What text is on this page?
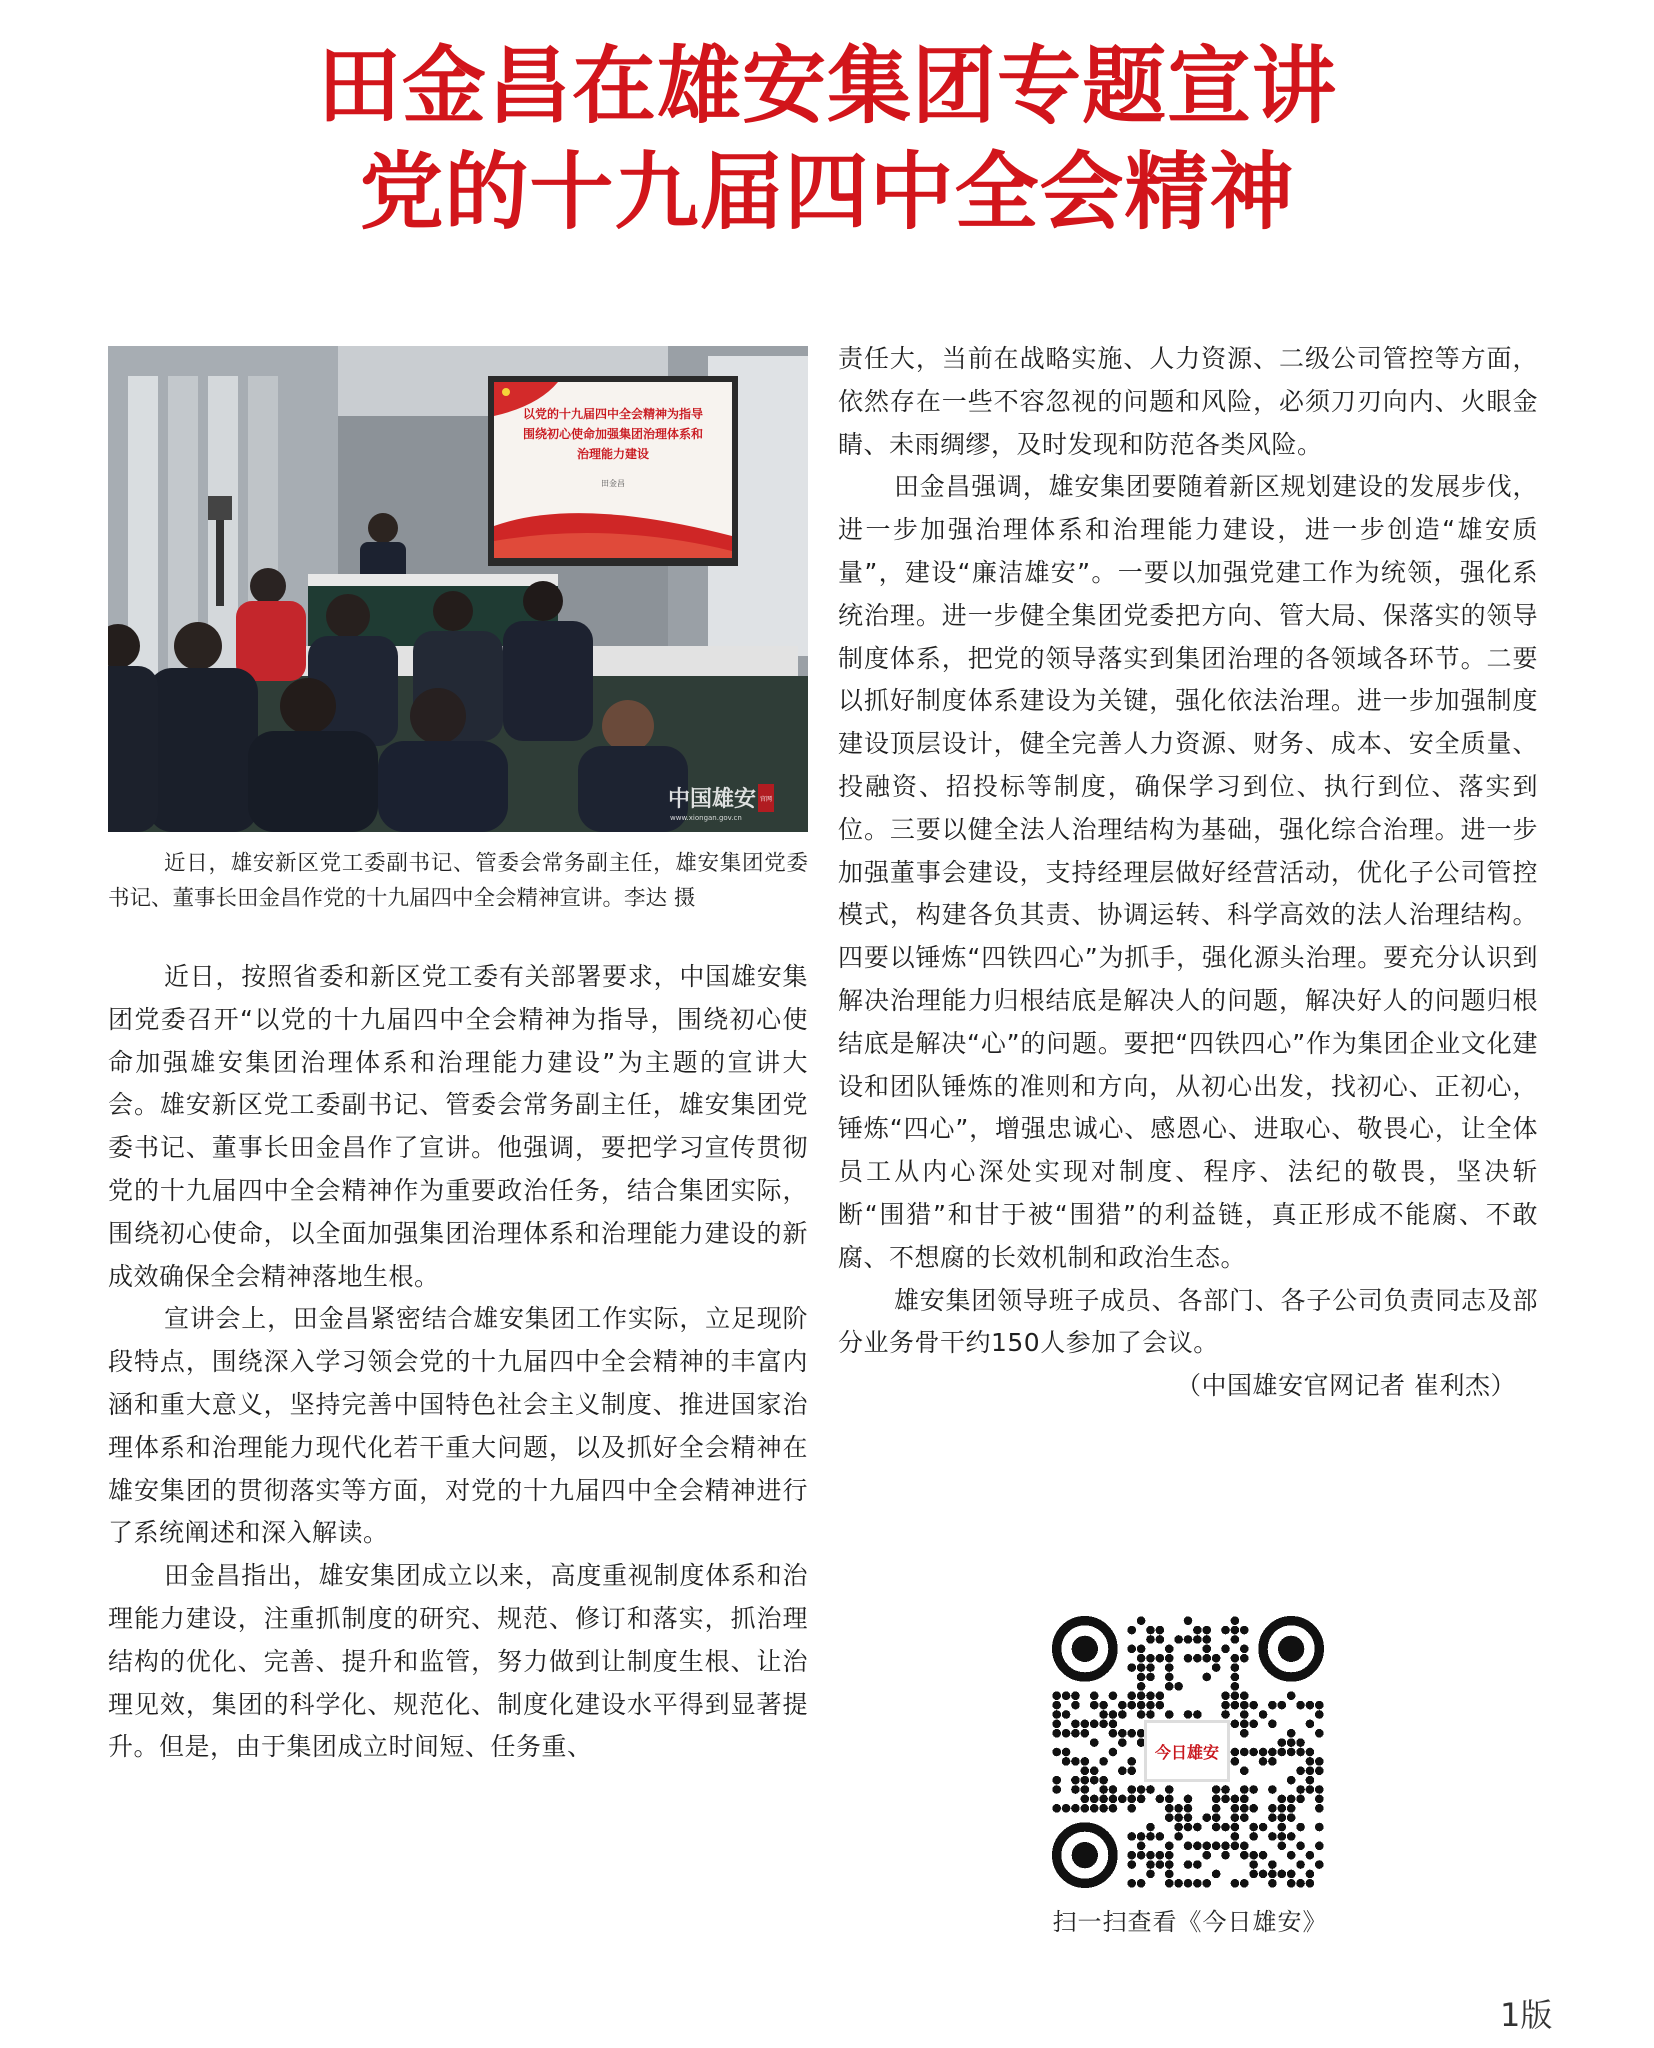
田金昌在雄安集团专题宣讲
党的十九届四中全会精神
以党的十九届四中全会精神为指导
围绕初心使命加强集团治理体系和
治理能力建设
田金昌
中国雄安 官网
www.xiongan.gov.cn
近日，雄安新区党工委副书记、管委会常务副主任，雄安集团党委书记、董事长田金昌作党的十九届四中全会精神宣讲。李达 摄

近日，按照省委和新区党工委有关部署要求，中国雄安集团党委召开“以党的十九届四中全会精神为指导，围绕初心使命加强雄安集团治理体系和治理能力建设”为主题的宣讲大会。雄安新区党工委副书记、管委会常务副主任，雄安集团党委书记、董事长田金昌作了宣讲。他强调，要把学习宣传贯彻党的十九届四中全会精神作为重要政治任务，结合集团实际，围绕初心使命，以全面加强集团治理体系和治理能力建设的新成效确保全会精神落地生根。

宣讲会上，田金昌紧密结合雄安集团工作实际，立足现阶段特点，围绕深入学习领会党的十九届四中全会精神的丰富内涵和重大意义，坚持完善中国特色社会主义制度、推进国家治理体系和治理能力现代化若干重大问题，以及抓好全会精神在雄安集团的贯彻落实等方面，对党的十九届四中全会精神进行了系统阐述和深入解读。

田金昌指出，雄安集团成立以来，高度重视制度体系和治理能力建设，注重抓制度的研究、规范、修订和落实，抓治理结构的优化、完善、提升和监管，努力做到让制度生根、让治理见效，集团的科学化、规范化、制度化建设水平得到显著提升。但是，由于集团成立时间短、任务重、

责任大，当前在战略实施、人力资源、二级公司管控等方面，依然存在一些不容忽视的问题和风险，必须刀刃向内、火眼金睛、未雨绸缪，及时发现和防范各类风险。

田金昌强调，雄安集团要随着新区规划建设的发展步伐，进一步加强治理体系和治理能力建设，进一步创造“雄安质量”，建设“廉洁雄安”。一要以加强党建工作为统领，强化系统治理。进一步健全集团党委把方向、管大局、保落实的领导制度体系，把党的领导落实到集团治理的各领域各环节。二要以抓好制度体系建设为关键，强化依法治理。进一步加强制度建设顶层设计，健全完善人力资源、财务、成本、安全质量、投融资、招投标等制度，确保学习到位、执行到位、落实到位。三要以健全法人治理结构为基础，强化综合治理。进一步加强董事会建设，支持经理层做好经营活动，优化子公司管控模式，构建各负其责、协调运转、科学高效的法人治理结构。四要以锤炼“四铁四心”为抓手，强化源头治理。要充分认识到解决治理能力归根结底是解决人的问题，解决好人的问题归根结底是解决“心”的问题。要把“四铁四心”作为集团企业文化建设和团队锤炼的准则和方向，从初心出发，找初心、正初心，锤炼“四心”，增强忠诚心、感恩心、进取心、敬畏心，让全体员工从内心深处实现对制度、程序、法纪的敬畏，坚决斩断“围猎”和甘于被“围猎”的利益链，真正形成不能腐、不敢腐、不想腐的长效机制和政治生态。

雄安集团领导班子成员、各部门、各子公司负责同志及部分业务骨干约150人参加了会议。

（中国雄安官网记者 崔利杰）

今日雄安
扫一扫查看《今日雄安》
1版
